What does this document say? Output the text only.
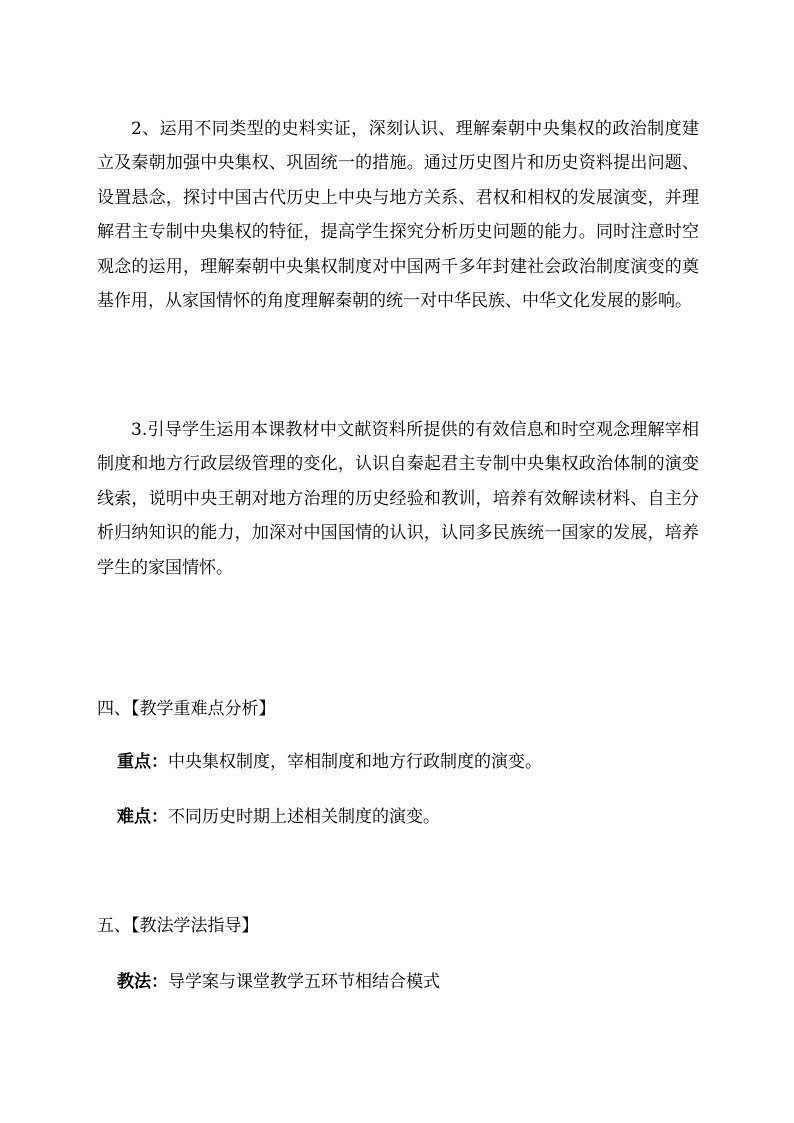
2、运用不同类型的史料实证，深刻认识、理解秦朝中央集权的政治制度建立及秦朝加强中央集权、巩固统一的措施。通过历史图片和历史资料提出问题、设置悬念，探讨中国古代历史上中央与地方关系、君权和相权的发展演变，并理解君主专制中央集权的特征，提高学生探究分析历史问题的能力。同时注意时空观念的运用，理解秦朝中央集权制度对中国两千多年封建社会政治制度演变的奠基作用，从家国情怀的角度理解秦朝的统一对中华民族、中华文化发展的影响。

3.引导学生运用本课教材中文献资料所提供的有效信息和时空观念理解宰相制度和地方行政层级管理的变化，认识自秦起君主专制中央集权政治体制的演变线索，说明中央王朝对地方治理的历史经验和教训，培养有效解读材料、自主分析归纳知识的能力，加深对中国国情的认识，认同多民族统一国家的发展，培养学生的家国情怀。

四、【教学重难点分析】

重点：中央集权制度，宰相制度和地方行政制度的演变。

难点：不同历史时期上述相关制度的演变。

五、【教法学法指导】

教法：导学案与课堂教学五环节相结合模式
